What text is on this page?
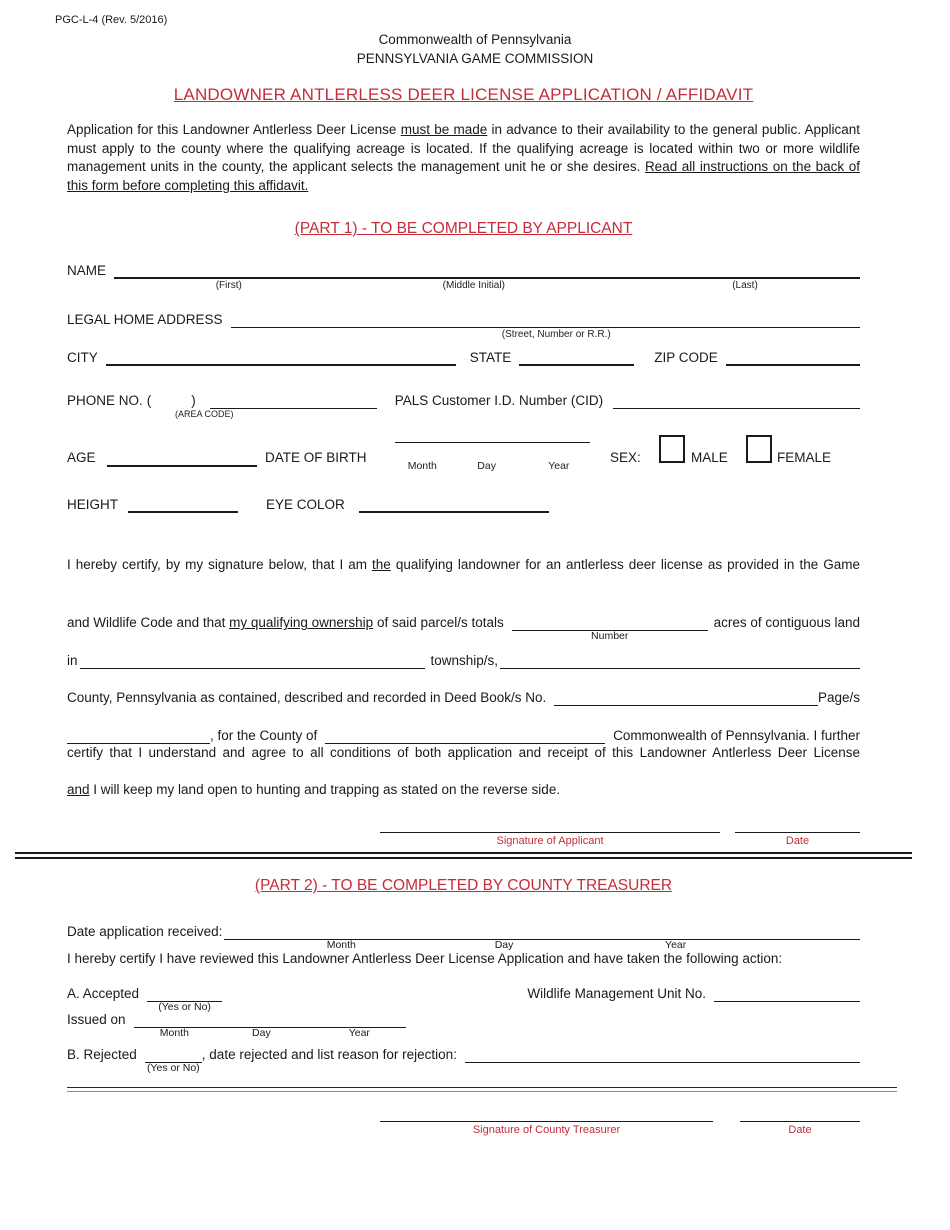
PGC-L-4 (Rev. 5/2016)
Commonwealth of Pennsylvania
PENNSYLVANIA GAME COMMISSION
LANDOWNER ANTLERLESS DEER LICENSE APPLICATION / AFFIDAVIT

Application for this Landowner Antlerless Deer License must be made in advance to their availability to the general public. Applicant must apply to the county where the qualifying acreage is located. If the qualifying acreage is located within two or more wildlife management units in the county, the applicant selects the management unit he or she desires. Read all instructions on the back of this form before completing this affidavit.

(PART 1) - TO BE COMPLETED BY APPLICANT
NAME
(First)	(Middle Initial)	(Last)
LEGAL HOME ADDRESS
(Street, Number or R.R.)
CITY	STATE	ZIP CODE
PHONE NO. (	)	PALS Customer I.D. Number (CID)
(AREA CODE)
AGE	DATE OF BIRTH
Month	Day	Year
SEX:	MALE	FEMALE
HEIGHT	EYE COLOR
I hereby certify, by my signature below, that I am the qualifying landowner for an antlerless deer license as provided in the Game
and Wildlife Code and that my qualifying ownership of said parcel/s totals
Number
acres of contiguous land
in	township/s,
County, Pennsylvania as contained, described and recorded in Deed Book/s No.	Page/s
, for the County of	Commonwealth of Pennsylvania. I further
certify that I understand and agree to all conditions of both application and receipt of this Landowner Antlerless Deer License
and I will keep my land open to hunting and trapping as stated on the reverse side.
Signature of Applicant	Date
(PART 2) - TO BE COMPLETED BY COUNTY TREASURER
Date application received:
Month	Day	Year
I hereby certify I have reviewed this Landowner Antlerless Deer License Application and have taken the following action:
A. Accepted
(Yes or No)
Wildlife Management Unit No.
Issued on
Month	Day	Year
B. Rejected
(Yes or No)
, date rejected and list reason for rejection:
Signature of County Treasurer	Date
